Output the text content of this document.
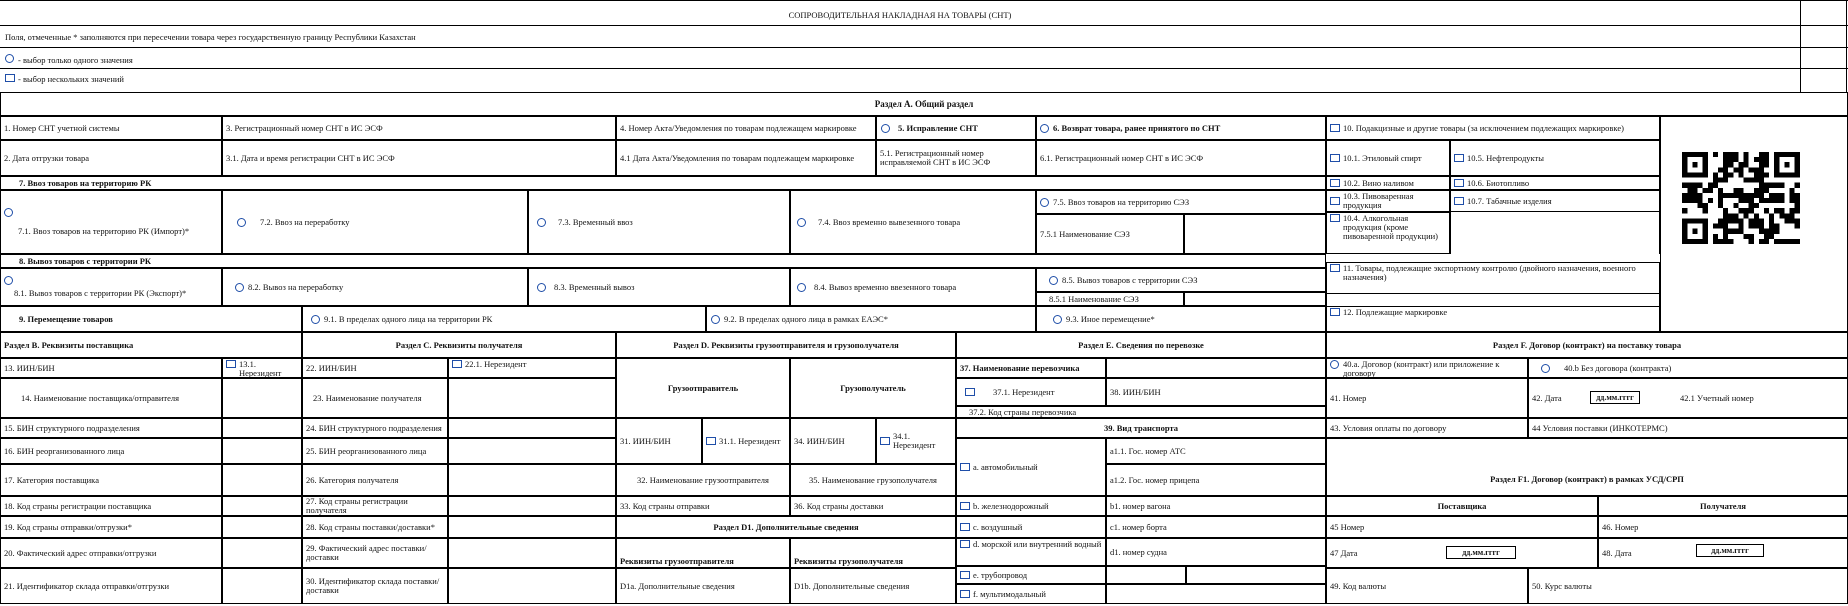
СОПРОВОДИТЕЛЬНАЯ НАКЛАДНАЯ НА ТОВАРЫ (СНТ)
Поля, отмеченные * заполняются при пересечении товара через государственную границу Республики Казахстан
- выбор только одного значения
- выбор нескольких значений
Раздел А. Общий раздел
1. Номер СНТ учетной системы	3. Регистрационный номер СНТ в ИС ЭСФ	4. Номер Акта/Уведомления по товарам подлежащем маркировке	5. Исправление СНТ	6. Возврат товара, ранее принятого по СНТ	10. Подакцизные и другие товары (за исключением подлежащих маркировке)
2. Дата отгрузки товара	3.1. Дата и время регистрации СНТ в ИС ЭСФ	4.1 Дата Акта/Уведомления по товарам подлежащем маркировке	5.1. Регистрационный номер исправляемой СНТ в ИС ЭСФ	6.1. Регистрационный номер СНТ в ИС ЭСФ	10.1. Этиловый спирт	10.5. Нефтепродукты
7. Ввоз товаров на территорию РК
7.1. Ввоз товаров на территорию РК (Импорт)*
7.2. Ввоз на переработку	7.3. Временный ввоз	7.4. Ввоз временно вывезенного товара
7.5. Ввоз товаров на территорию СЭЗ
7.5.1 Наименование СЭЗ
10.2. Вино наливом	10.6. Биотопливо
10.3. Пивоваренная продукция	10.7. Табачные изделия
10.4. Алкогольная продукция (кроме пивоваренной продукции)
8. Вывоз товаров с территории РК
8.1. Вывоз товаров с территории РК (Экспорт)*
8.2. Вывоз на переработку	8.3. Временный вывоз	8.4. Вывоз временно ввезенного товара
8.5. Вывоз товаров с территории СЭЗ
8.5.1 Наименование СЭЗ
11. Товары, подлежащие экспортному контролю (двойного назначения, военного назначения)
9. Перемещение товаров	9.1. В пределах одного лица на территории РК	9.2. В пределах одного лица в рамках ЕАЭС*	9.3. Иное перемещение*
12. Подлежащие маркировке
Раздел B. Реквизиты поставщика
13. ИИН/БИН	13.1. Нерезидент
14. Наименование поставщика/отправителя
15. БИН структурного подразделения
16. БИН реорганизованного лица
17. Категория поставщика
18. Код страны регистрации поставщика
19. Код страны отправки/отгрузки*
20. Фактический адрес отправки/отгрузки
21. Идентификатор склада отправки/отгрузки
Раздел C. Реквизиты получателя
22. ИИН/БИН	22.1. Нерезидент
23. Наименование получателя
24. БИН структурного подразделения
25. БИН реорганизованного лица
26. Категория получателя
27. Код страны регистрации получателя
28. Код страны поставки/доставки*
29. Фактический адрес поставки/доставки
30. Идентификатор склада поставки/доставки
Раздел D. Реквизиты грузоотправителя и грузополучателя
Грузоотправитель	Грузополучатель
31. ИИН/БИН	31.1. Нерезидент	34. ИИН/БИН	34.1. Нерезидент
32. Наименование грузоотправителя	35. Наименование грузополучателя
33. Код страны отправки	36. Код страны доставки
Раздел D1. Дополнительные сведения
Реквизиты грузоотправителя	Реквизиты грузополучателя
D1a. Дополнительные сведения	D1b. Дополнительные сведения
Раздел E. Сведения по перевозке
37. Наименование перевозчика
37.1. Нерезидент	38. ИИН/БИН
37.2. Код страны перевозчика
39. Вид транспорта
a. автомобильный
a1.1. Гос. номер АТС
a1.2. Гос. номер прицепа
b. железнодорожный	b1. номер вагона
c. воздушный	c1. номер борта
d. морской или внутренний водный
d1. номер судна
e. трубопровод
f. мультимодальный
Раздел F. Договор (контракт) на поставку товара
40.a. Договор (контракт) или приложение к договору
40.b Без договора (контракта)
41. Номер	42. Дата	дд.мм.гггг	42.1 Учетный номер
43. Условия оплаты по договору	44 Условия поставки (ИНКОТЕРМС)
Раздел F1. Договор (контракт) в рамках УСД/СРП
Поставщика	Получателя
45 Номер	46. Номер
47 Дата	дд.мм.гггг	48. Дата	дд.мм.гггг
49. Код валюты	50. Курс валюты
